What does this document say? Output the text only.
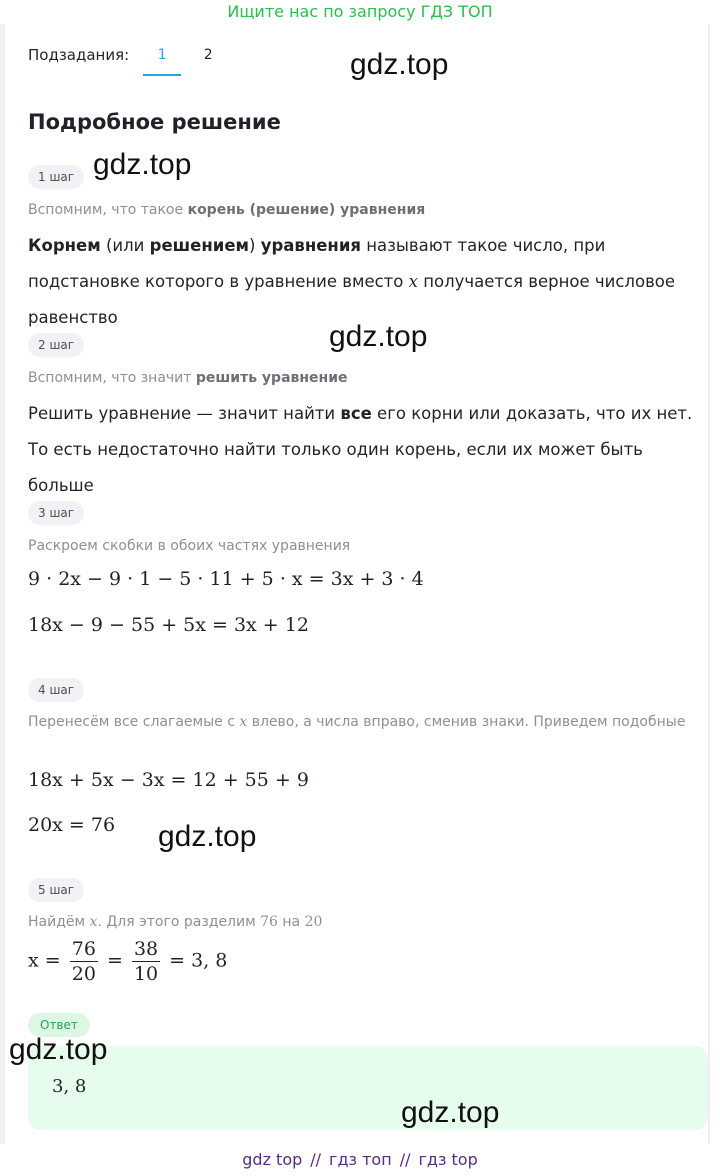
Ищите нас по запросу ГДЗ ТОП
Подзадания:	1	2
Подробное решение
1 шаг
Вспомним, что такое корень (решение) уравнения
Корнем (или решением) уравнения называют такое число, при подстановке которого в уравнение вместо x получается верное числовое равенство
2 шаг
Вспомним, что значит решить уравнение
Решить уравнение — значит найти все его корни или доказать, что их нет. То есть недостаточно найти только один корень, если их может быть больше
3 шаг
Раскроем скобки в обоих частях уравнения
9 · 2x − 9 · 1 − 5 · 11 + 5 · x = 3x + 3 · 4
18x − 9 − 55 + 5x = 3x + 12
4 шаг
Перенесём все слагаемые с x влево, а числа вправо, сменив знаки. Приведем подобные
18x + 5x − 3x = 12 + 55 + 9
20x = 76
5 шаг
Найдём x. Для этого разделим 76 на 20
$x = \frac{76}{20} = \frac{38}{10} = 3$, 8
Ответ
3, 8
gdz.top
gdz.top
gdz.top
gdz.top
gdz.top
gdz.top
gdz top // гдз топ // гдз top
